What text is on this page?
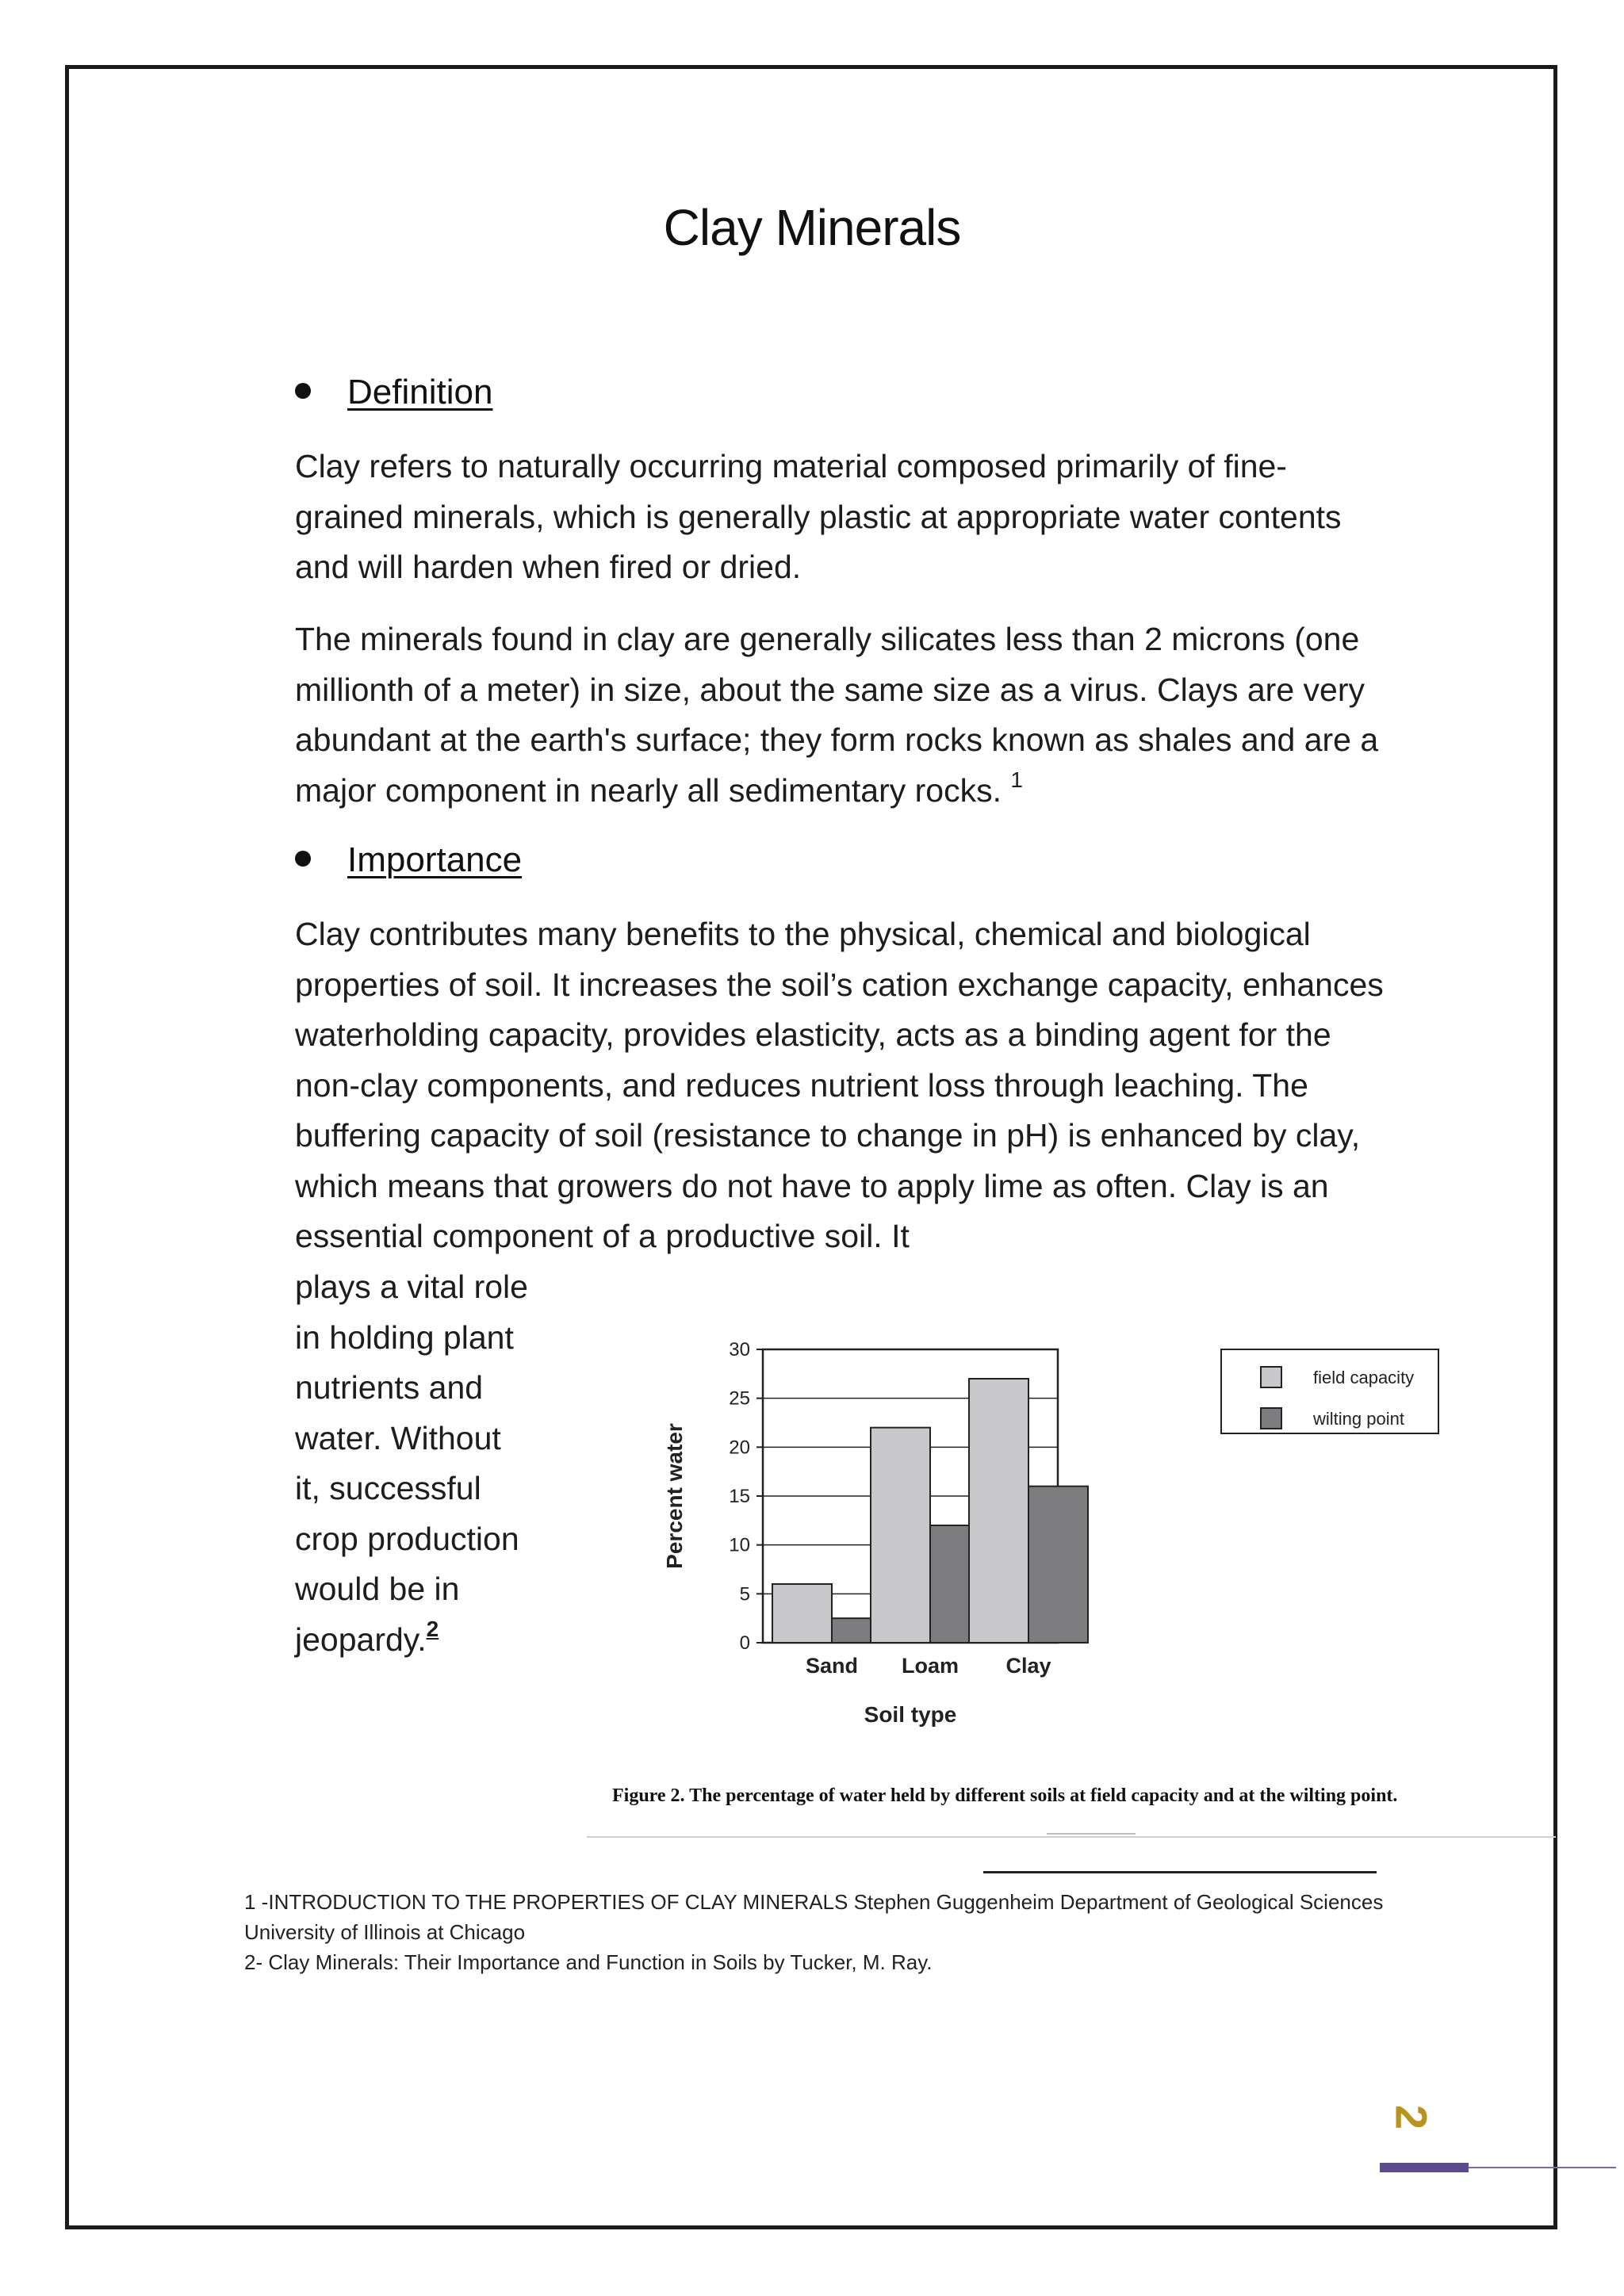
Clay Minerals
Definition
Clay refers to naturally occurring material composed primarily of fine-grained minerals, which is generally plastic at appropriate water contents and will harden when fired or dried.
The minerals found in clay are generally silicates less than 2 microns (one millionth of a meter) in size, about the same size as a virus. Clays are very abundant at the earth's surface; they form rocks known as shales and are a major component in nearly all sedimentary rocks. $^1$
Importance
Clay contributes many benefits to the physical, chemical and biological properties of soil. It increases the soil’s cation exchange capacity, enhances waterholding capacity, provides elasticity, acts as a binding agent for the non-clay components, and reduces nutrient loss through leaching. The buffering capacity of soil (resistance to change in pH) is enhanced by clay, which means that growers do not have to apply lime as often. Clay is an essential component of a productive soil. It
plays a vital role
in holding plant
nutrients and
water. Without
it, successful
crop production
would be in
jeopardy.$^2$
0
5
10
15
20
25
30
Sand Loam Clay
Soil type
Percent water
field capacity
wilting point
Figure 2. The percentage of water held by different soils at field capacity and at the wilting point.
1 -INTRODUCTION TO THE PROPERTIES OF CLAY MINERALS Stephen Guggenheim Department of Geological Sciences University of Illinois at Chicago
2- Clay Minerals: Their Importance and Function in Soils by Tucker, M. Ray.
2
